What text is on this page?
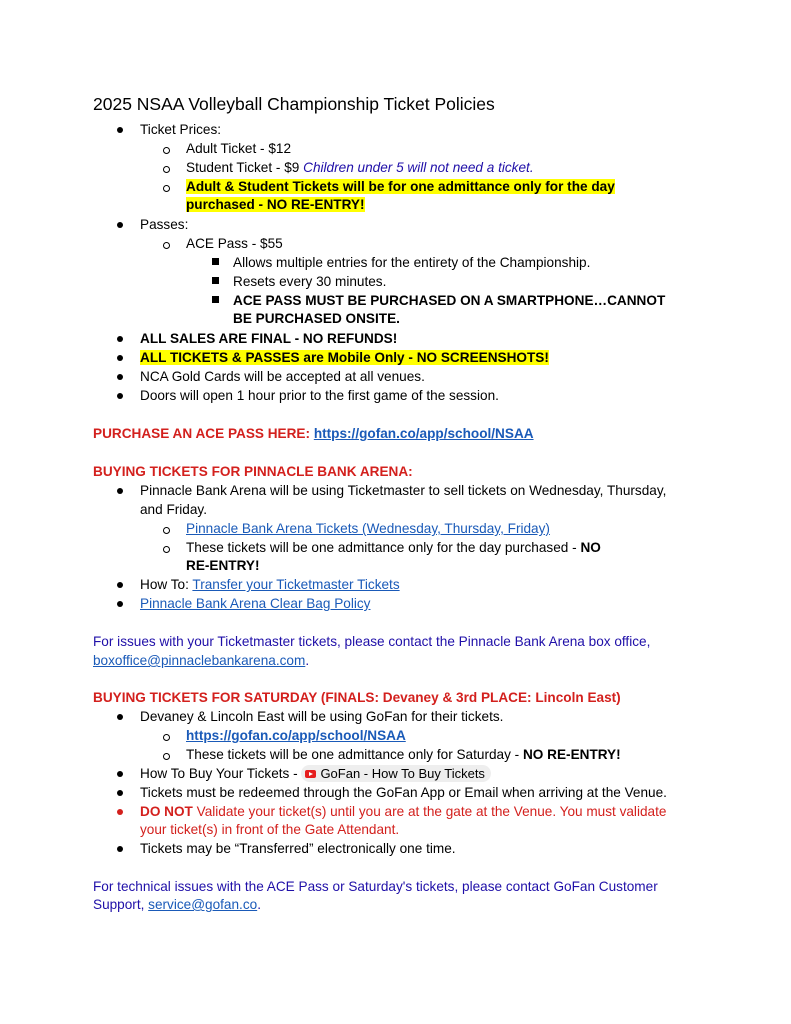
2025 NSAA Volleyball Championship Ticket Policies
Ticket Prices:
Adult Ticket - $12
Student Ticket - $9 Children under 5 will not need a ticket.
Adult & Student Tickets will be for one admittance only for the day
purchased - NO RE-ENTRY!
Passes:
ACE Pass - $55
Allows multiple entries for the entirety of the Championship.
Resets every 30 minutes.
ACE PASS MUST BE PURCHASED ON A SMARTPHONE…CANNOT
BE PURCHASED ONSITE.
ALL SALES ARE FINAL - NO REFUNDS!
ALL TICKETS & PASSES are Mobile Only - NO SCREENSHOTS!
NCA Gold Cards will be accepted at all venues.
Doors will open 1 hour prior to the first game of the session.
PURCHASE AN ACE PASS HERE: https://gofan.co/app/school/NSAA
BUYING TICKETS FOR PINNACLE BANK ARENA:
Pinnacle Bank Arena will be using Ticketmaster to sell tickets on Wednesday, Thursday,
and Friday.
Pinnacle Bank Arena Tickets (Wednesday, Thursday, Friday)
These tickets will be one admittance only for the day purchased - NO
RE-ENTRY!
How To: Transfer your Ticketmaster Tickets
Pinnacle Bank Arena Clear Bag Policy
For issues with your Ticketmaster tickets, please contact the Pinnacle Bank Arena box office,
boxoffice@pinnaclebankarena.com.
BUYING TICKETS FOR SATURDAY (FINALS: Devaney & 3rd PLACE: Lincoln East)
Devaney & Lincoln East will be using GoFan for their tickets.
https://gofan.co/app/school/NSAA
These tickets will be one admittance only for Saturday - NO RE-ENTRY!
How To Buy Your Tickets - GoFan - How To Buy Tickets
Tickets must be redeemed through the GoFan App or Email when arriving at the Venue.
DO NOT Validate your ticket(s) until you are at the gate at the Venue. You must validate
your ticket(s) in front of the Gate Attendant.
Tickets may be “Transferred” electronically one time.
For technical issues with the ACE Pass or Saturday's tickets, please contact GoFan Customer
Support, service@gofan.co.
